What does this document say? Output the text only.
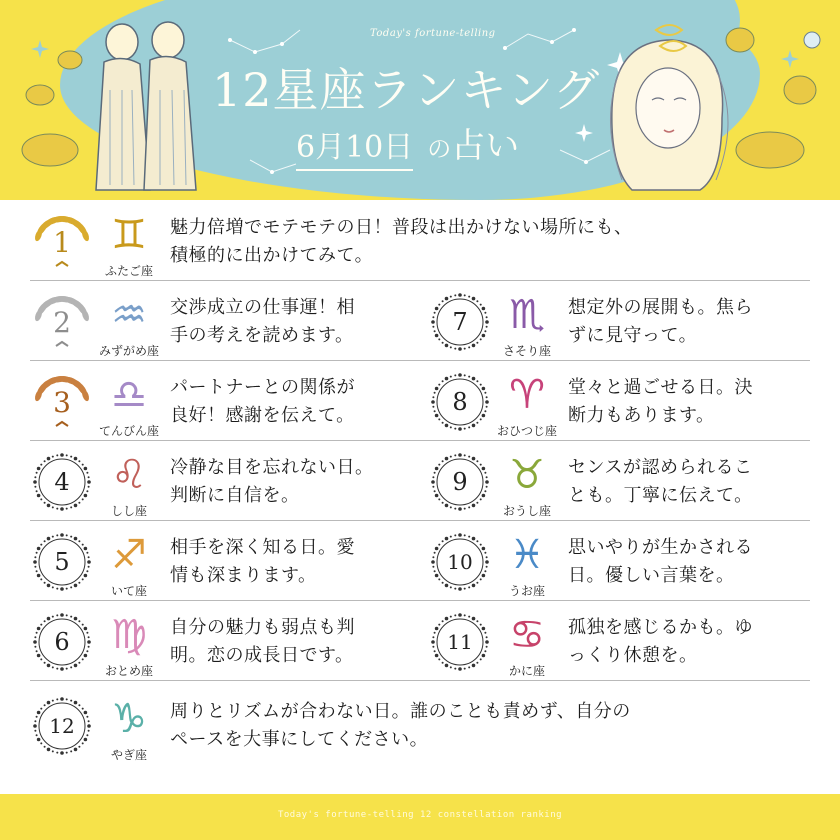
Today's fortune-telling
12星座ランキング
6月10日 の占い
1	♊
ふたご座
魅力倍増でモテモテの日！普段は出かけない場所にも、
積極的に出かけてみて。
2	♒
みずがめ座
交渉成立の仕事運！相
手の考えを読めます。
3	♎
てんびん座
パートナーとの関係が
良好！感謝を伝えて。
4	♌
しし座
冷静な目を忘れない日。
判断に自信を。
5	♐
いて座
相手を深く知る日。愛
情も深まります。
6	♍
おとめ座
自分の魅力も弱点も判
明。恋の成長日です。
7	♏
さそり座
想定外の展開も。焦ら
ずに見守って。
8	♈
おひつじ座
堂々と過ごせる日。決
断力もあります。
9	♉
おうし座
センスが認められるこ
とも。丁寧に伝えて。
10 ♓
うお座
思いやりが生かされる
日。優しい言葉を。
11 ♋
かに座
孤独を感じるかも。ゆ
っくり休憩を。
12 ♑
やぎ座
周りとリズムが合わない日。誰のことも責めず、自分の
ペースを大事にしてください。
Today's fortune-telling 12 constellation ranking
